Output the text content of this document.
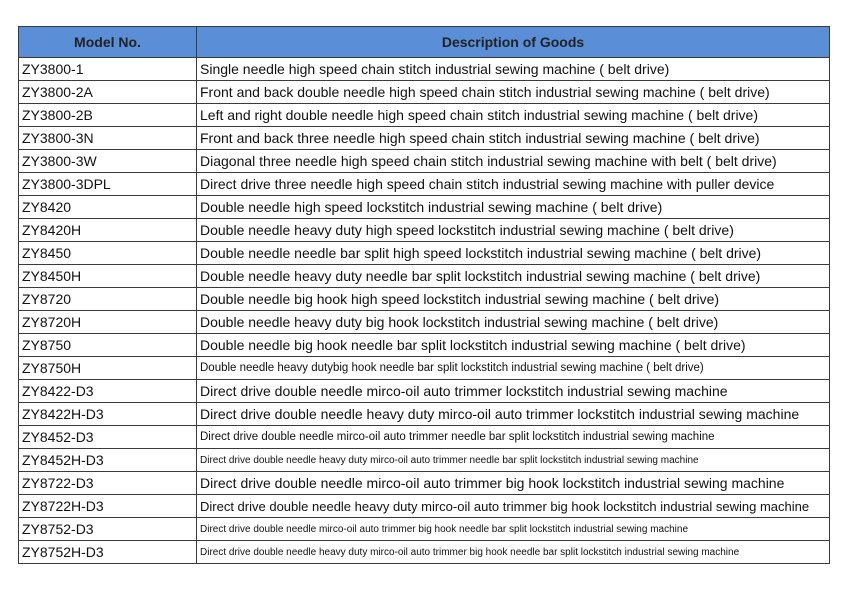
Model No.	Description of Goods
ZY3800-1	Single needle high speed chain stitch industrial sewing machine ( belt drive)
ZY3800-2A	Front and back double needle high speed chain stitch industrial sewing machine ( belt drive)
ZY3800-2B	Left and right double needle high speed chain stitch industrial sewing machine ( belt drive)
ZY3800-3N	Front and back three needle high speed chain stitch industrial sewing machine ( belt drive)
ZY3800-3W	Diagonal three needle high speed chain stitch industrial sewing machine with belt ( belt drive)
ZY3800-3DPL	Direct drive three needle high speed chain stitch industrial sewing machine with puller device
ZY8420	Double needle high speed lockstitch industrial sewing machine ( belt drive)
ZY8420H	Double needle heavy duty high speed lockstitch industrial sewing machine ( belt drive)
ZY8450	Double needle needle bar split high speed lockstitch industrial sewing machine ( belt drive)
ZY8450H	Double needle heavy duty needle bar split lockstitch industrial sewing machine ( belt drive)
ZY8720	Double needle big hook high speed lockstitch industrial sewing machine ( belt drive)
ZY8720H	Double needle heavy duty big hook lockstitch industrial sewing machine ( belt drive)
ZY8750	Double needle big hook needle bar split lockstitch industrial sewing machine ( belt drive)
ZY8750H	Double needle heavy dutybig hook needle bar split lockstitch industrial sewing machine ( belt drive)
ZY8422-D3	Direct drive double needle mirco-oil auto trimmer lockstitch industrial sewing machine
ZY8422H-D3	Direct drive double needle heavy duty mirco-oil auto trimmer lockstitch industrial sewing machine
ZY8452-D3	Direct drive double needle mirco-oil auto trimmer needle bar split lockstitch industrial sewing machine
ZY8452H-D3	Direct drive double needle heavy duty mirco-oil auto trimmer needle bar split lockstitch industrial sewing machine
ZY8722-D3	Direct drive double needle mirco-oil auto trimmer big hook lockstitch industrial sewing machine
ZY8722H-D3	Direct drive double needle heavy duty mirco-oil auto trimmer big hook lockstitch industrial sewing machine
ZY8752-D3	Direct drive double needle mirco-oil auto trimmer big hook needle bar split lockstitch industrial sewing machine
ZY8752H-D3	Direct drive double needle heavy duty mirco-oil auto trimmer big hook needle bar split lockstitch industrial sewing machine
